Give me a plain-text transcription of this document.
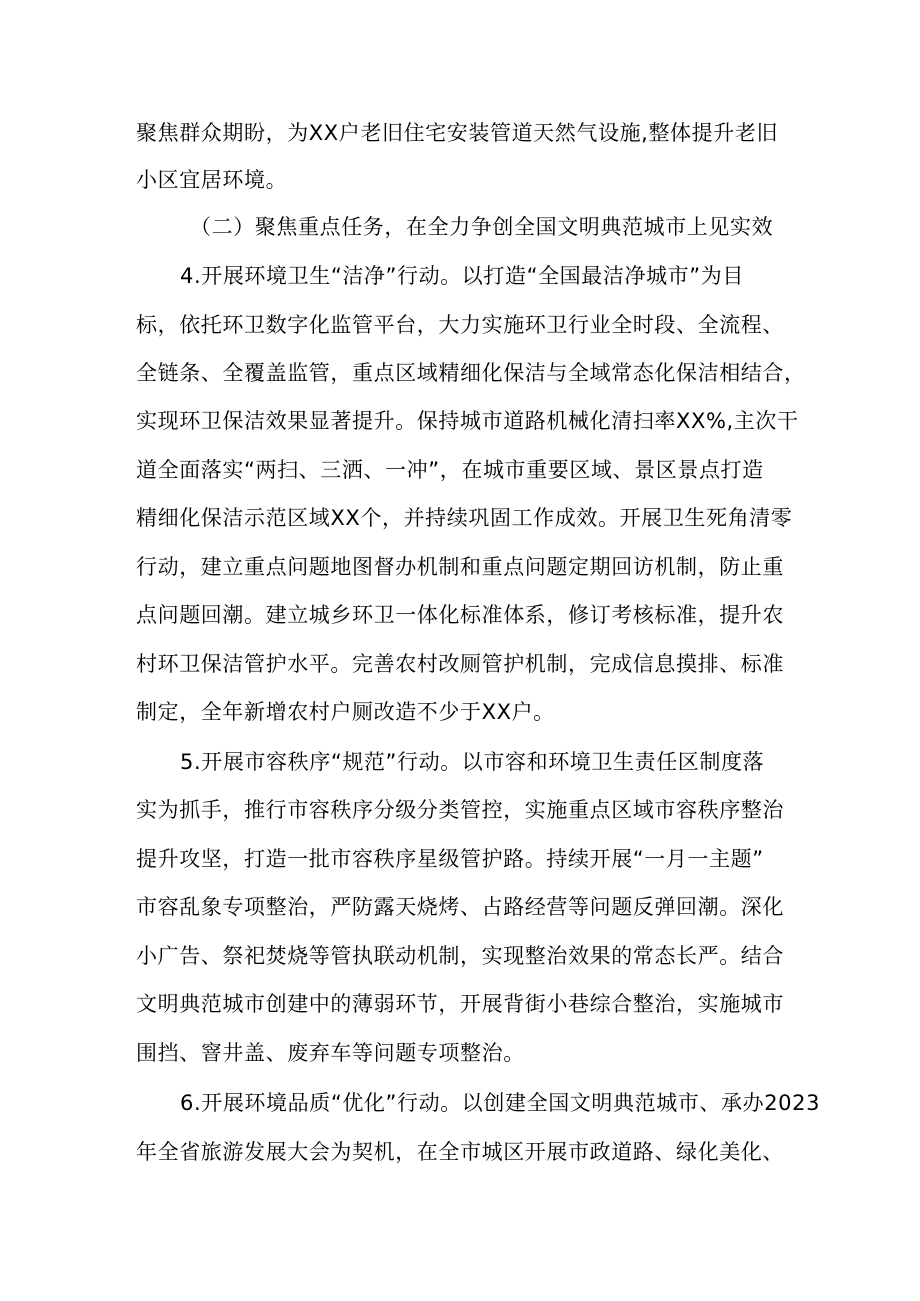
聚焦群众期盼，为XX户老旧住宅安装管道天然气设施,整体提升老旧
小区宜居环境。
（二）聚焦重点任务，在全力争创全国文明典范城市上见实效
4.开展环境卫生“洁净”行动。以打造“全国最洁净城市”为目
标，依托环卫数字化监管平台，大力实施环卫行业全时段、全流程、
全链条、全覆盖监管，重点区域精细化保洁与全域常态化保洁相结合，
实现环卫保洁效果显著提升。保持城市道路机械化清扫率XX%,主次干
道全面落实“两扫、三洒、一冲”，在城市重要区域、景区景点打造
精细化保洁示范区域XX个，并持续巩固工作成效。开展卫生死角清零
行动，建立重点问题地图督办机制和重点问题定期回访机制，防止重
点问题回潮。建立城乡环卫一体化标准体系，修订考核标准，提升农
村环卫保洁管护水平。完善农村改厕管护机制，完成信息摸排、标准
制定，全年新增农村户厕改造不少于XX户。
5.开展市容秩序“规范”行动。以市容和环境卫生责任区制度落
实为抓手，推行市容秩序分级分类管控，实施重点区域市容秩序整治
提升攻坚，打造一批市容秩序星级管护路。持续开展“一月一主题”
市容乱象专项整治，严防露天烧烤、占路经营等问题反弹回潮。深化
小广告、祭祀焚烧等管执联动机制，实现整治效果的常态长严。结合
文明典范城市创建中的薄弱环节，开展背街小巷综合整治，实施城市
围挡、窨井盖、废弃车等问题专项整治。
6.开展环境品质“优化”行动。以创建全国文明典范城市、承办2023
年全省旅游发展大会为契机，在全市城区开展市政道路、绿化美化、
